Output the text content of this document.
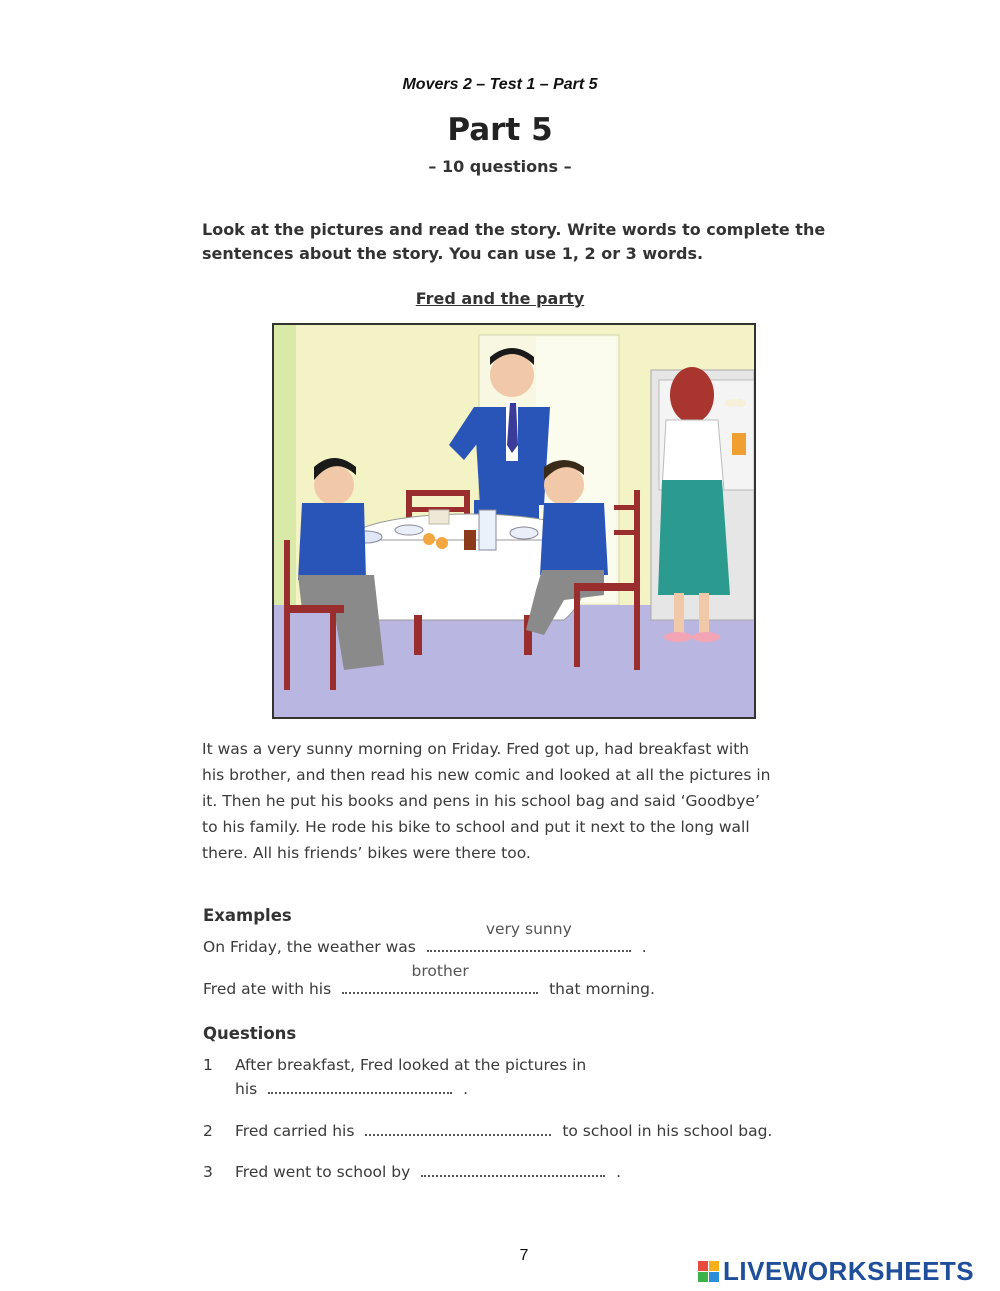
Movers 2 – Test 1 – Part 5
Part 5
– 10 questions –
Look at the pictures and read the story. Write words to complete the sentences about the story. You can use 1, 2 or 3 words.
Fred and the party
It was a very sunny morning on Friday. Fred got up, had breakfast with
his brother, and then read his new comic and looked at all the pictures in
it. Then he put his books and pens in his school bag and said ‘Goodbye’
to his family. He rode his bike to school and put it next to the long wall
there. All his friends’ bikes were there too.
Examples
On Friday, the weather was
very sunny
.
Fred ate with his
brother
that morning.
Questions
1 After breakfast, Fred looked at the pictures in
his	.
2 Fred carried his	to school in his school bag.
3 Fred went to school by	.
7
LIVEWORKSHEETS
